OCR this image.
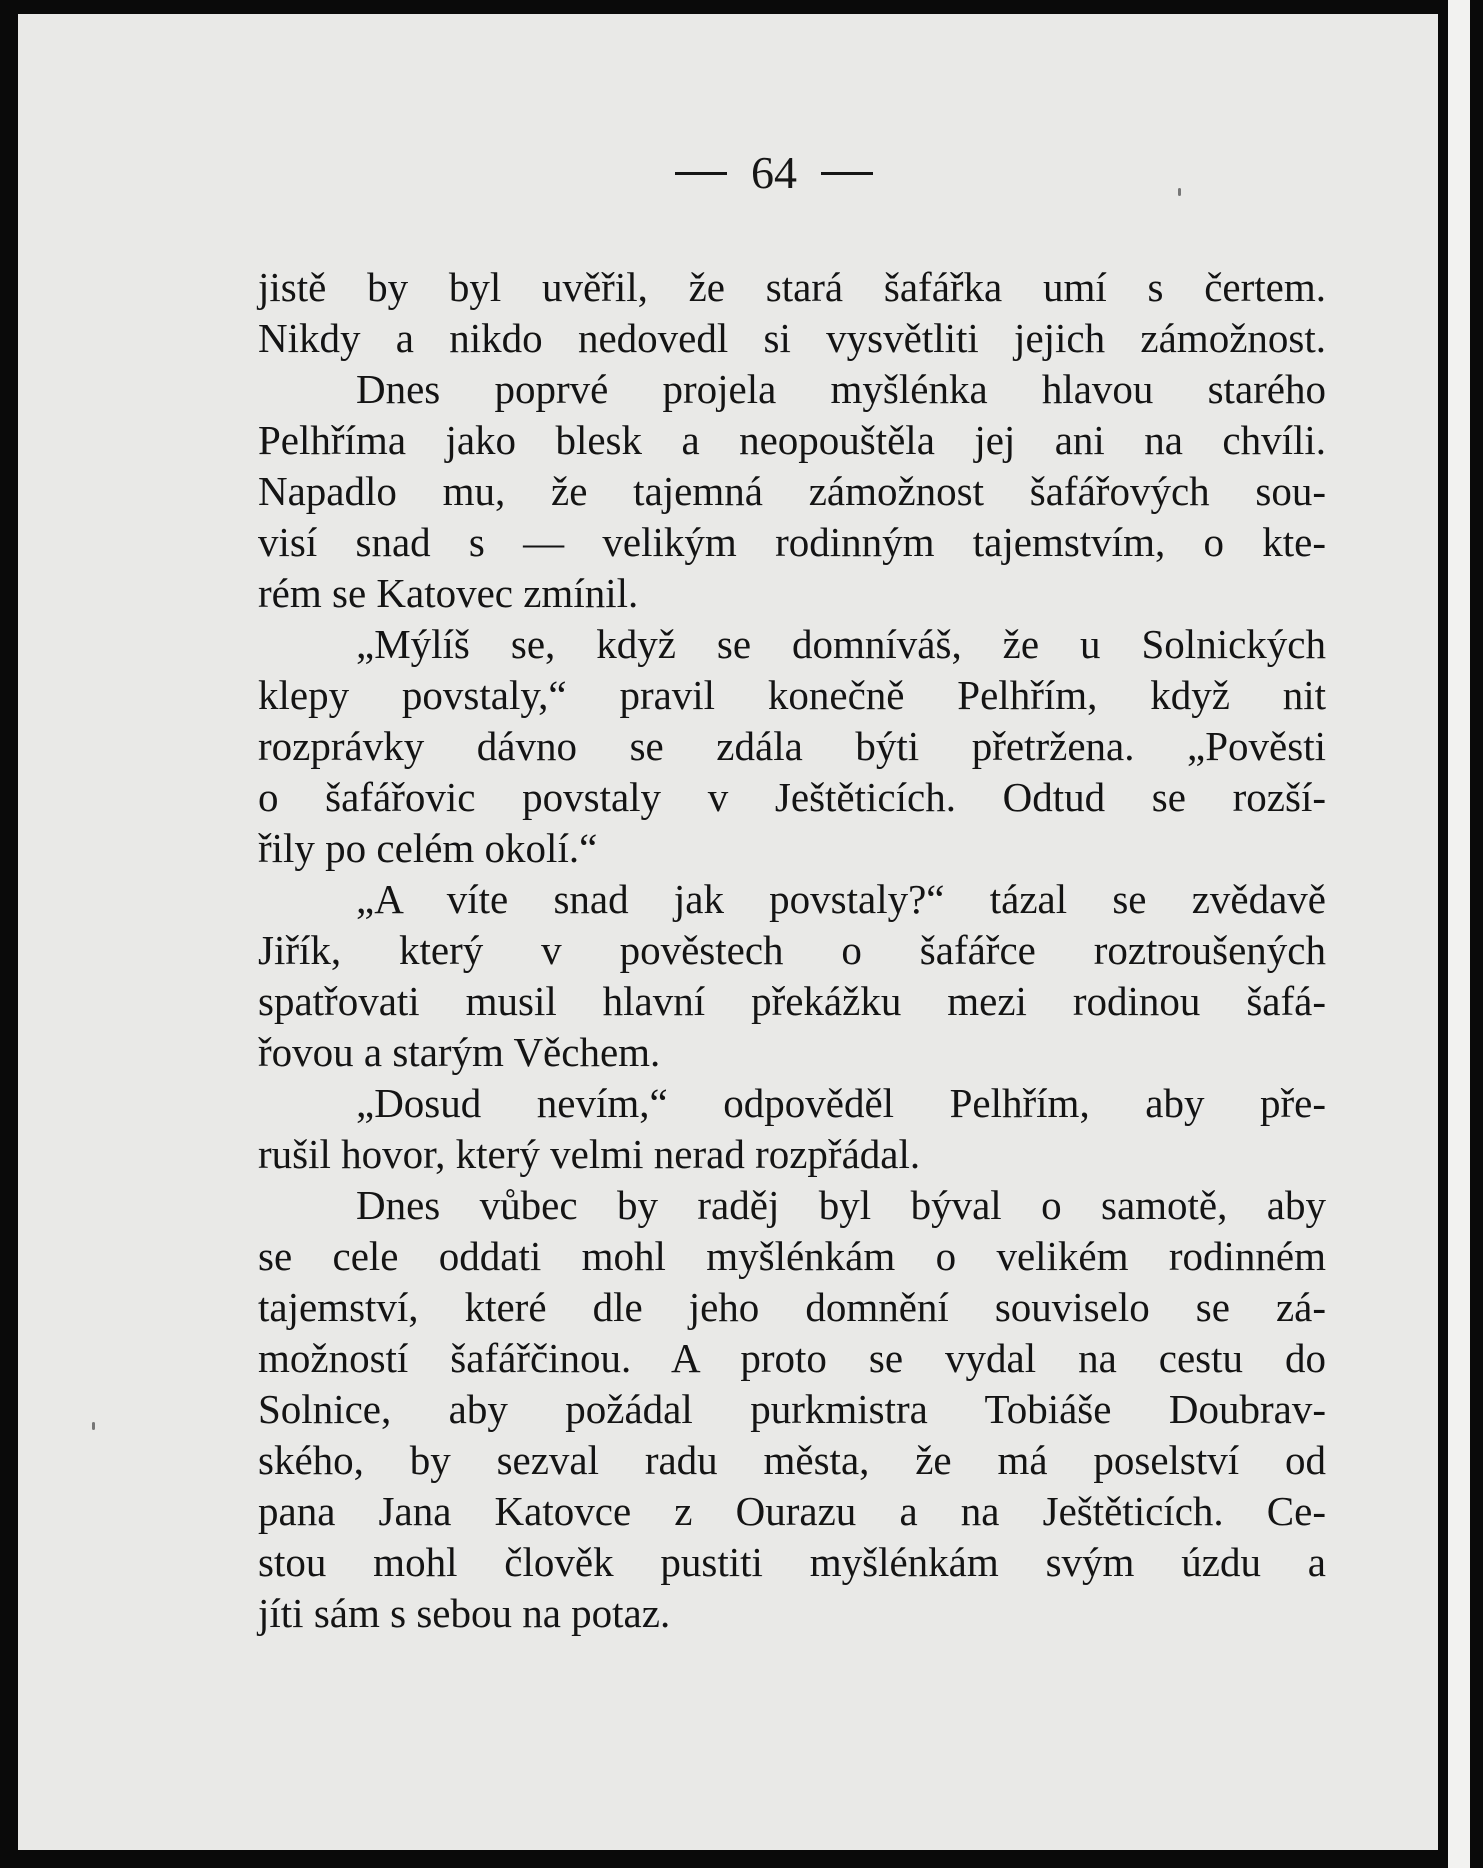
64
jistě by byl uvěřil, že stará šafářka umí s čertem.
Nikdy a nikdo nedovedl si vysvětliti jejich zámožnost.
Dnes poprvé projela myšlénka hlavou starého
Pelhříma jako blesk a neopouštěla jej ani na chvíli.
Napadlo mu, že tajemná zámožnost šafářových sou-
visí snad s — velikým rodinným tajemstvím, o kte-
rém se Katovec zmínil.
„Mýlíš se, když se domníváš, že u Solnických
klepy povstaly,“ pravil konečně Pelhřím, když nit
rozprávky dávno se zdála býti přetržena. „Pověsti
o šafářovic povstaly v Ještěticích. Odtud se rozší-
řily po celém okolí.“
„A víte snad jak povstaly?“ tázal se zvědavě
Jiřík, který v pověstech o šafářce roztroušených
spatřovati musil hlavní překážku mezi rodinou šafá-
řovou a starým Věchem.
„Dosud nevím,“ odpověděl Pelhřím, aby pře-
rušil hovor, který velmi nerad rozpřádal.
Dnes vůbec by raděj byl býval o samotě, aby
se cele oddati mohl myšlénkám o velikém rodinném
tajemství, které dle jeho domnění souviselo se zá-
možností šafářčinou. A proto se vydal na cestu do
Solnice, aby požádal purkmistra Tobiáše Doubrav-
ského, by sezval radu města, že má poselství od
pana Jana Katovce z Ourazu a na Ještěticích. Ce-
stou mohl člověk pustiti myšlénkám svým úzdu a
jíti sám s sebou na potaz.
